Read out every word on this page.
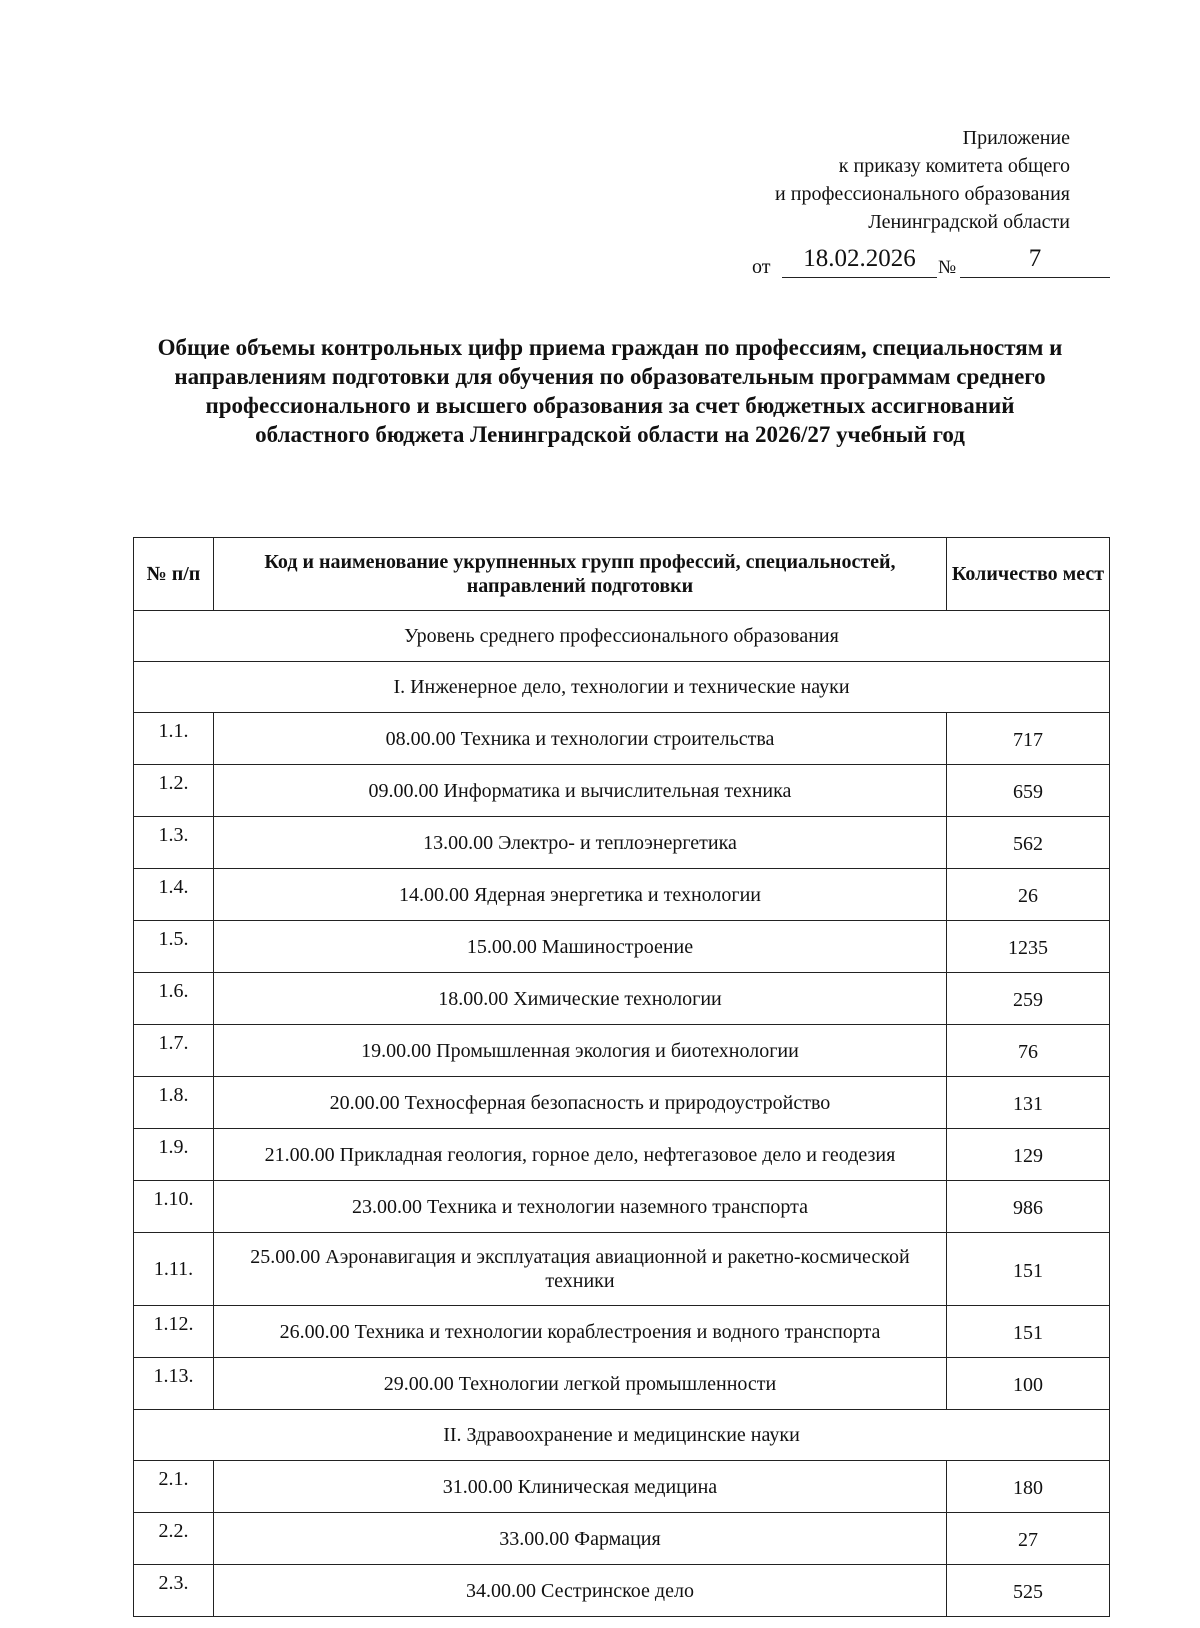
Приложение
к приказу комитета общего
и профессионального образования
Ленинградской области
от	18.02.2026	№	7
Общие объемы контрольных цифр приема граждан по профессиям, специальностям и направлениям подготовки для обучения по образовательным программам среднего профессионального и высшего образования за счет бюджетных ассигнований областного бюджета Ленинградской области на 2026/27 учебный год
№ п/п	Код и наименование укрупненных групп профессий, специальностей, направлений подготовки	Количество мест
Уровень среднего профессионального образования		
I. Инженерное дело, технологии и технические науки		
1.1.	08.00.00 Техника и технологии строительства	717
1.2.	09.00.00 Информатика и вычислительная техника	659
1.3.	13.00.00 Электро- и теплоэнергетика	562
1.4.	14.00.00 Ядерная энергетика и технологии	26
1.5.	15.00.00 Машиностроение	1235
1.6.	18.00.00 Химические технологии	259
1.7.	19.00.00 Промышленная экология и биотехнологии	76
1.8.	20.00.00 Техносферная безопасность и природоустройство	131
1.9.	21.00.00 Прикладная геология, горное дело, нефтегазовое дело и геодезия	129
1.10.	23.00.00 Техника и технологии наземного транспорта	986
1.11.	25.00.00 Аэронавигация и эксплуатация авиационной и ракетно-космической техники	151
1.12.	26.00.00 Техника и технологии кораблестроения и водного транспорта	151
1.13.	29.00.00 Технологии легкой промышленности	100
II. Здравоохранение и медицинские науки		
2.1.	31.00.00 Клиническая медицина	180
2.2.	33.00.00 Фармация	27
2.3.	34.00.00 Сестринское дело	525
